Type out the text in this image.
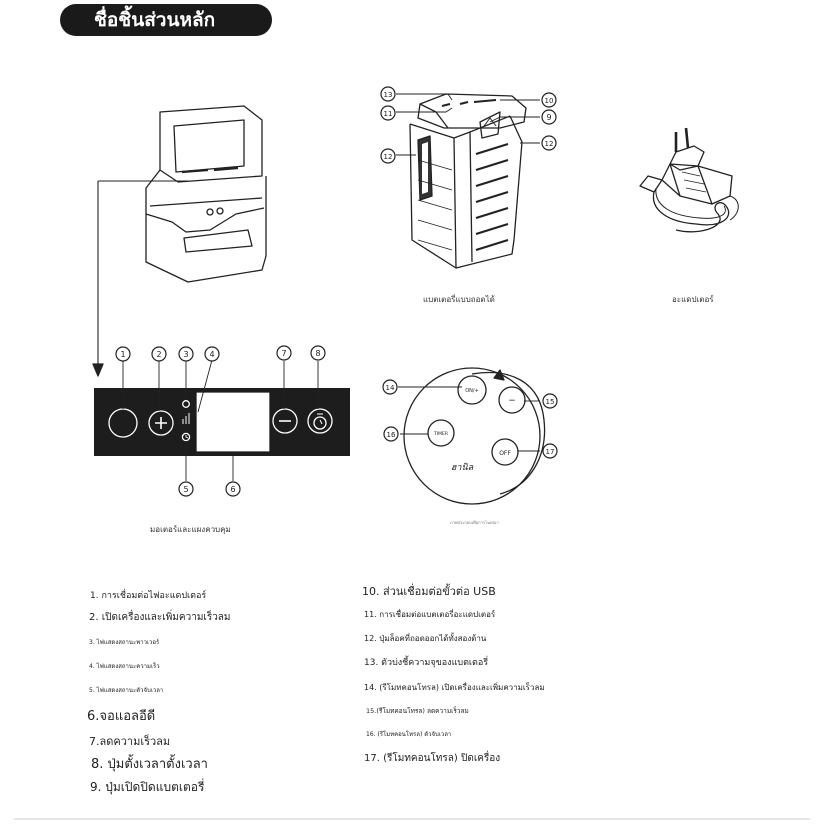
ชื่อชิ้นส่วนหลัก
1	2	3	4
5	6
7	8
9
10
11
12
12
13
14
15
16
17
ON/+
−
TIMER
OFF
ฮานิล
แบตเตอรี่แบบถอดได้	อะแดปเตอร์
มอเตอร์และแผงควบคุม
ภาพประกอบเพื่อการโฆษณา
1. การเชื่อมต่อไฟอะแดปเตอร์
2. เปิดเครื่องและเพิ่มความเร็วลม
3. ไฟแสดงสถานะพาวเวอร์
4. ไฟแสดงสถานะความเร็ว
5. ไฟแสดงสถานะตัวจับเวลา
6.จอแอลอีดี
7.ลดความเร็วลม
8. ปุ่มตั้งเวลาตั้งเวลา
9. ปุ่มเปิดปิดแบตเตอรี่
10. ส่วนเชื่อมต่อขั้วต่อ USB
11. การเชื่อมต่อแบตเตอรี่อะแดปเตอร์
12. ปุ่มล็อคที่ถอดออกได้ทั้งสองด้าน
13. ตัวบ่งชี้ความจุของแบตเตอรี่
14. (รีโมทคอนโทรล) เปิดเครื่องและเพิ่มความเร็วลม
15.(รีโมทคอนโทรล) ลดความเร็วลม
16. (รีโมทคอนโทรล) ตัวจับเวลา
17. (รีโมทคอนโทรล) ปิดเครื่อง
